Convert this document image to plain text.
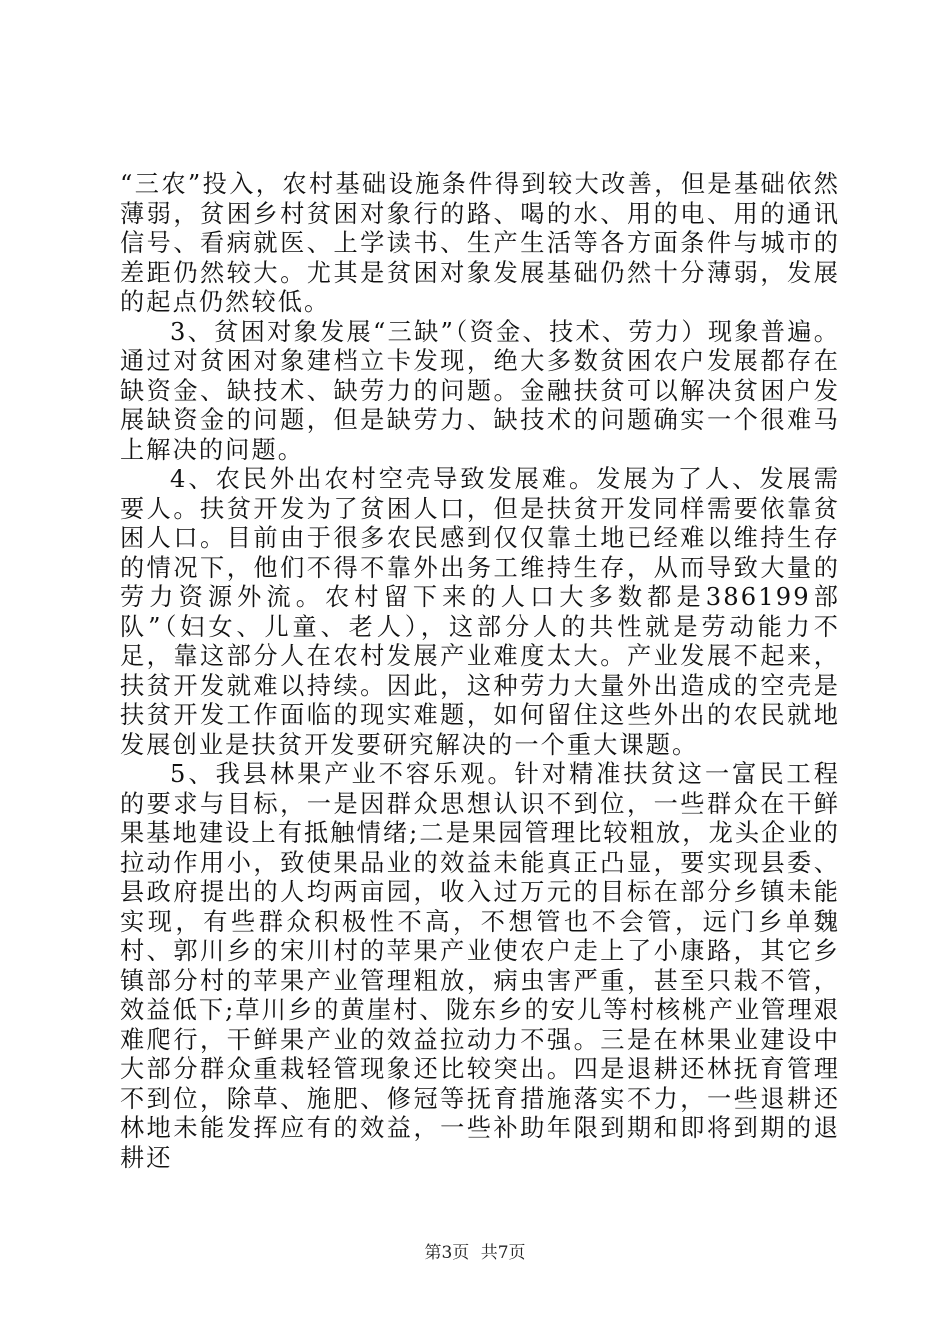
“三农”投入，农村基础设施条件得到较大改善，但是基础依然薄弱，贫困乡村贫困对象行的路、喝的水、用的电、用的通讯信号、看病就医、上学读书、生产生活等各方面条件与城市的差距仍然较大。尤其是贫困对象发展基础仍然十分薄弱，发展的起点仍然较低。

3、贫困对象发展“三缺”（资金、技术、劳力）现象普遍。通过对贫困对象建档立卡发现，绝大多数贫困农户发展都存在缺资金、缺技术、缺劳力的问题。金融扶贫可以解决贫困户发展缺资金的问题，但是缺劳力、缺技术的问题确实一个很难马上解决的问题。

4、农民外出农村空壳导致发展难。发展为了人、发展需要人。扶贫开发为了贫困人口，但是扶贫开发同样需要依靠贫困人口。目前由于很多农民感到仅仅靠土地已经难以维持生存的情况下，他们不得不靠外出务工维持生存，从而导致大量的劳力资源外流。农村留下来的人口大多数都是386199部队”（妇女、儿童、老人），这部分人的共性就是劳动能力不足，靠这部分人在农村发展产业难度太大。产业发展不起来，扶贫开发就难以持续。因此，这种劳力大量外出造成的空壳是扶贫开发工作面临的现实难题，如何留住这些外出的农民就地发展创业是扶贫开发要研究解决的一个重大课题。

5、我县林果产业不容乐观。针对精准扶贫这一富民工程的要求与目标，一是因群众思想认识不到位，一些群众在干鲜果基地建设上有抵触情绪;二是果园管理比较粗放，龙头企业的拉动作用小，致使果品业的效益未能真正凸显，要实现县委、县政府提出的人均两亩园，收入过万元的目标在部分乡镇未能实现，有些群众积极性不高，不想管也不会管，远门乡单魏村、郭川乡的宋川村的苹果产业使农户走上了小康路，其它乡镇部分村的苹果产业管理粗放，病虫害严重，甚至只栽不管，效益低下;草川乡的黄崖村、陇东乡的安儿等村核桃产业管理艰难爬行，干鲜果产业的效益拉动力不强。三是在林果业建设中大部分群众重栽轻管现象还比较突出。四是退耕还林抚育管理不到位，除草、施肥、修冠等抚育措施落实不力，一些退耕还林地未能发挥应有的效益，一些补助年限到期和即将到期的退耕还

第3页 共7页
